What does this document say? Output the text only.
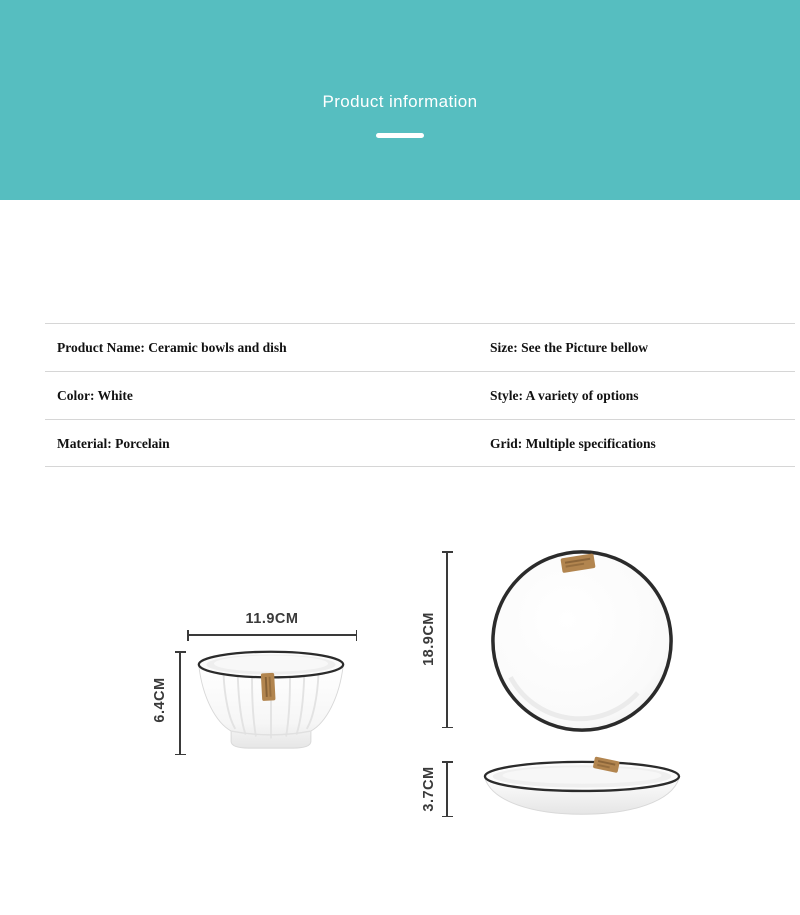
Product information
Product Name: Ceramic bowls and dish	Size: See the Picture bellow
Color: White	Style: A variety of options
Material: Porcelain	Grid: Multiple specifications
11.9CM
6.4CM
18.9CM
3.7CM
